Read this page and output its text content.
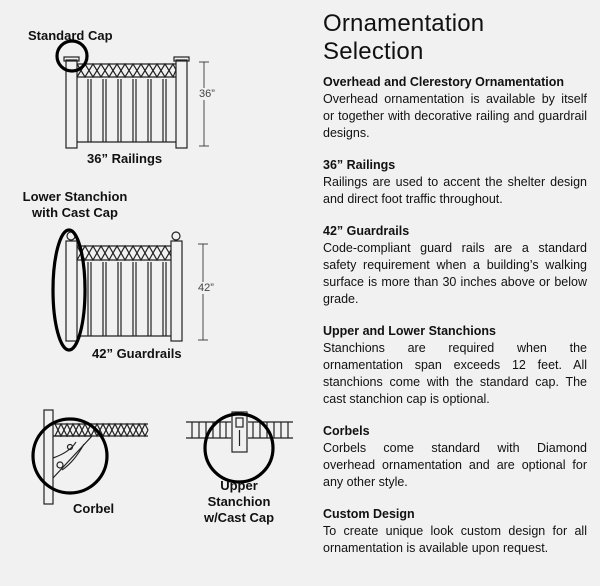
Standard Cap
36”
36” Railings
Lower Stanchion
with Cast Cap
42”
42” Guardrails
Corbel
Upper
Stanchion
w/Cast Cap
Ornamentation
Selection
Overhead and Clerestory Ornamentation

Overhead ornamentation is available by itself or together with decorative railing and guardrail designs.

36” Railings

Railings are used to accent the shelter design and direct foot traffic throughout.

42” Guardrails

Code-compliant guard rails are a standard safety requirement when a building’s walking surface is more than 30 inches above or below grade.

Upper and Lower Stanchions

Stanchions are required when the ornamentation span exceeds 12 feet. All stanchions come with the standard cap. The cast stanchion cap is optional.

Corbels

Corbels come standard with Diamond overhead ornamentation and are optional for any other style.

Custom Design

To create unique look custom design for all ornamentation is available upon request.
